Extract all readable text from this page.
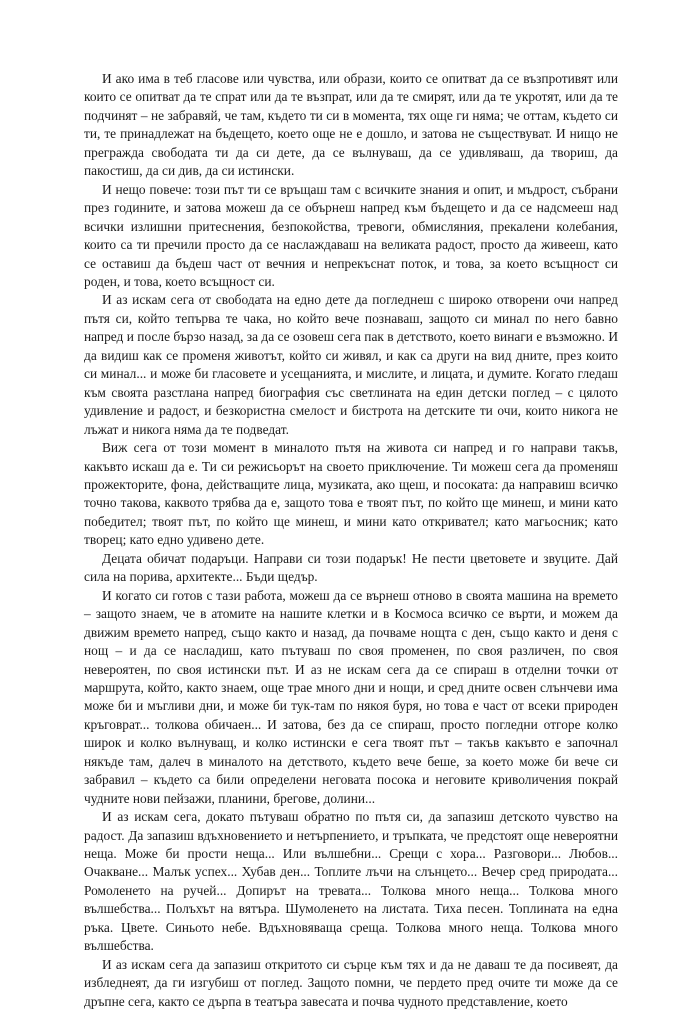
И ако има в теб гласове или чувства, или образи, които се опитват да се възпротивят или които се опитват да те спрат или да те възпрат, или да те смирят, или да те укротят, или да те подчинят – не забравяй, че там, където ти си в момента, тях още ги няма; че оттам, където си ти, те принадлежат на бъдещето, което още не е дошло, и затова не съществуват. И нищо не прегражда свободата ти да си дете, да се вълнуваш, да се удивляваш, да твориш, да пакостиш, да си див, да си истински.

И нещо повече: този път ти се връщаш там с всичките знания и опит, и мъдрост, събрани през годините, и затова можеш да се обърнеш напред към бъдещето и да се надсмееш над всички излишни притеснения, безпокойства, тревоги, обмисляния, прекалени колебания, които са ти пречили просто да се наслаждаваш на великата радост, просто да живееш, като се оставиш да бъдеш част от вечния и непрекъснат поток, и това, за което всъщност си роден, и това, което всъщност си.

И аз искам сега от свободата на едно дете да погледнеш с широко отворени очи напред пътя си, който тепърва те чака, но който вече познаваш, защото си минал по него бавно напред и после бързо назад, за да се озовеш сега пак в детството, което винаги е възможно. И да видиш как се променя животът, който си живял, и как са други на вид дните, през които си минал... и може би гласовете и усещанията, и мислите, и лицата, и думите. Когато гледаш към своята разстлана напред биография със светлината на един детски поглед – с цялото удивление и радост, и безкористна смелост и бистрота на детските ти очи, които никога не лъжат и никога няма да те подведат.

Виж сега от този момент в миналото пътя на живота си напред и го направи такъв, какъвто искаш да е. Ти си режисьорът на своето приключение. Ти можеш сега да променяш прожекторите, фона, действащите лица, музиката, ако щеш, и посоката: да направиш всичко точно такова, каквото трябва да е, защото това е твоят път, по който ще минеш, и мини като победител; твоят път, по който ще минеш, и мини като откривател; като магьосник; като творец; като едно удивено дете.

Децата обичат подаръци. Направи си този подарък! Не пести цветовете и звуците. Дай сила на порива, архитекте... Бъди щедър.

И когато си готов с тази работа, можеш да се върнеш отново в своята машина на времето – защото знаем, че в атомите на нашите клетки и в Космоса всичко се върти, и можем да движим времето напред, също както и назад, да почваме нощта с ден, също както и деня с нощ – и да се насладиш, като пътуваш по своя променен, по своя различен, по своя невероятен, по своя истински път. И аз не искам сега да се спираш в отделни точки от маршрута, който, както знаем, още трае много дни и нощи, и сред дните освен слънчеви има може би и мъгливи дни, и може би тук-там по някоя буря, но това е част от всеки природен кръговрат... толкова обичаен... И затова, без да се спираш, просто погледни отгоре колко широк и колко вълнуващ, и колко истински е сега твоят път – такъв какъвто е започнал някъде там, далеч в миналото на детството, където вече беше, за което може би вече си забравил – където са били определени неговата посока и неговите криволичения покрай чудните нови пейзажи, планини, брегове, долини...

И аз искам сега, докато пътуваш обратно по пътя си, да запазиш детското чувство на радост. Да запазиш вдъхновението и нетърпението, и тръпката, че предстоят още невероятни неща. Може би прости неща... Или вълшебни... Срещи с хора... Разговори... Любов... Очакване... Малък успех... Хубав ден... Топлите лъчи на слънцето... Вечер сред природата... Ромоленето на ручей... Допирът на тревата... Толкова много неща... Толкова много вълшебства... Полъхът на вятъра. Шумоленето на листата. Тиха песен. Топлината на една ръка. Цвете. Синьото небе. Вдъхновяваща среща. Толкова много неща. Толкова много вълшебства.

И аз искам сега да запазиш откритото си сърце към тях и да не даваш те да посивеят, да избледнеят, да ги изгубиш от поглед. Защото помни, че пердето пред очите ти може да се дръпне сега, както се дърпа в театъра завесата и почва чудното представление, което
